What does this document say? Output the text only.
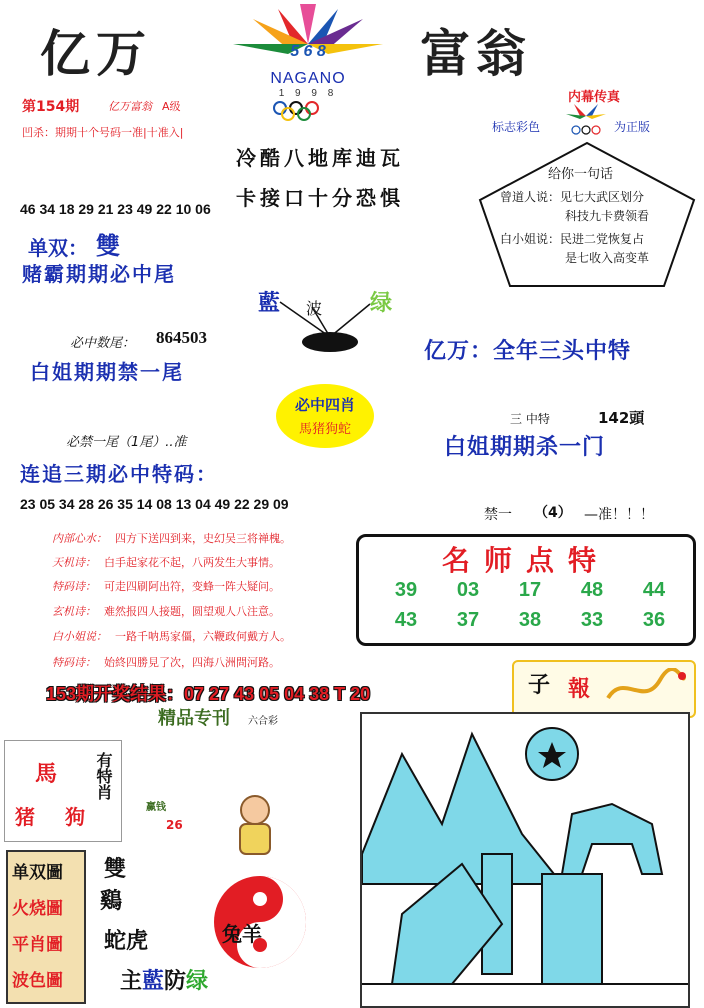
亿万	富翁
5 6 8
NAGANO
1 9 9 8
第154期	亿万富翁 A级
凹杀：期期十个号码一准|十准入|
冷酷八地库迪瓦
卡接口十分恐惧
内幕传真
标志彩色	为正版
给你一句话
曾道人说：见七大武区划分
科技九卡费领看
白小姐说：民进二党恢复占
是七收入高变革
46 34 18 29 21 23 49 22 10 06
单双： 雙
赌霸期期必中尾
藍 波 绿
必中数尾： 864503
白姐期期禁一尾
亿万：全年三头中特
必中四肖
馬猪狗蛇
三 中特	142頭
白姐期期杀一门
必禁一尾（1尾）..准
连追三期必中特码：
23 05 34 28 26 35 14 08 13 04 49 22 29 09
禁一 （4） —准！！！
内部心水： 四方下送四到来，史幻吴三将禅槐。
天机诗： 白手起家花不起，八两发生大事情。
特码诗： 可走四刷阿出符，变蜂一阵大疑问。
玄机诗： 难然报四人接题，圆望观人八注意。
白小姐说： 一路千呐馬家僵，六鞭政何戴方人。
特码诗： 始終四勝見了次，四海八洲問河路。
名师点特
39	03	17	48	44
43	37	38	33	36
153期开奖结果：07 27 43 05 04 38 T 20
精品专刊 六合彩
子 報
馬
猪 狗
有特肖
赢钱
26
单双圖
火烧圖
平肖圖
波色圖
雙
鷄
蛇虎	兔羊
主藍防绿
